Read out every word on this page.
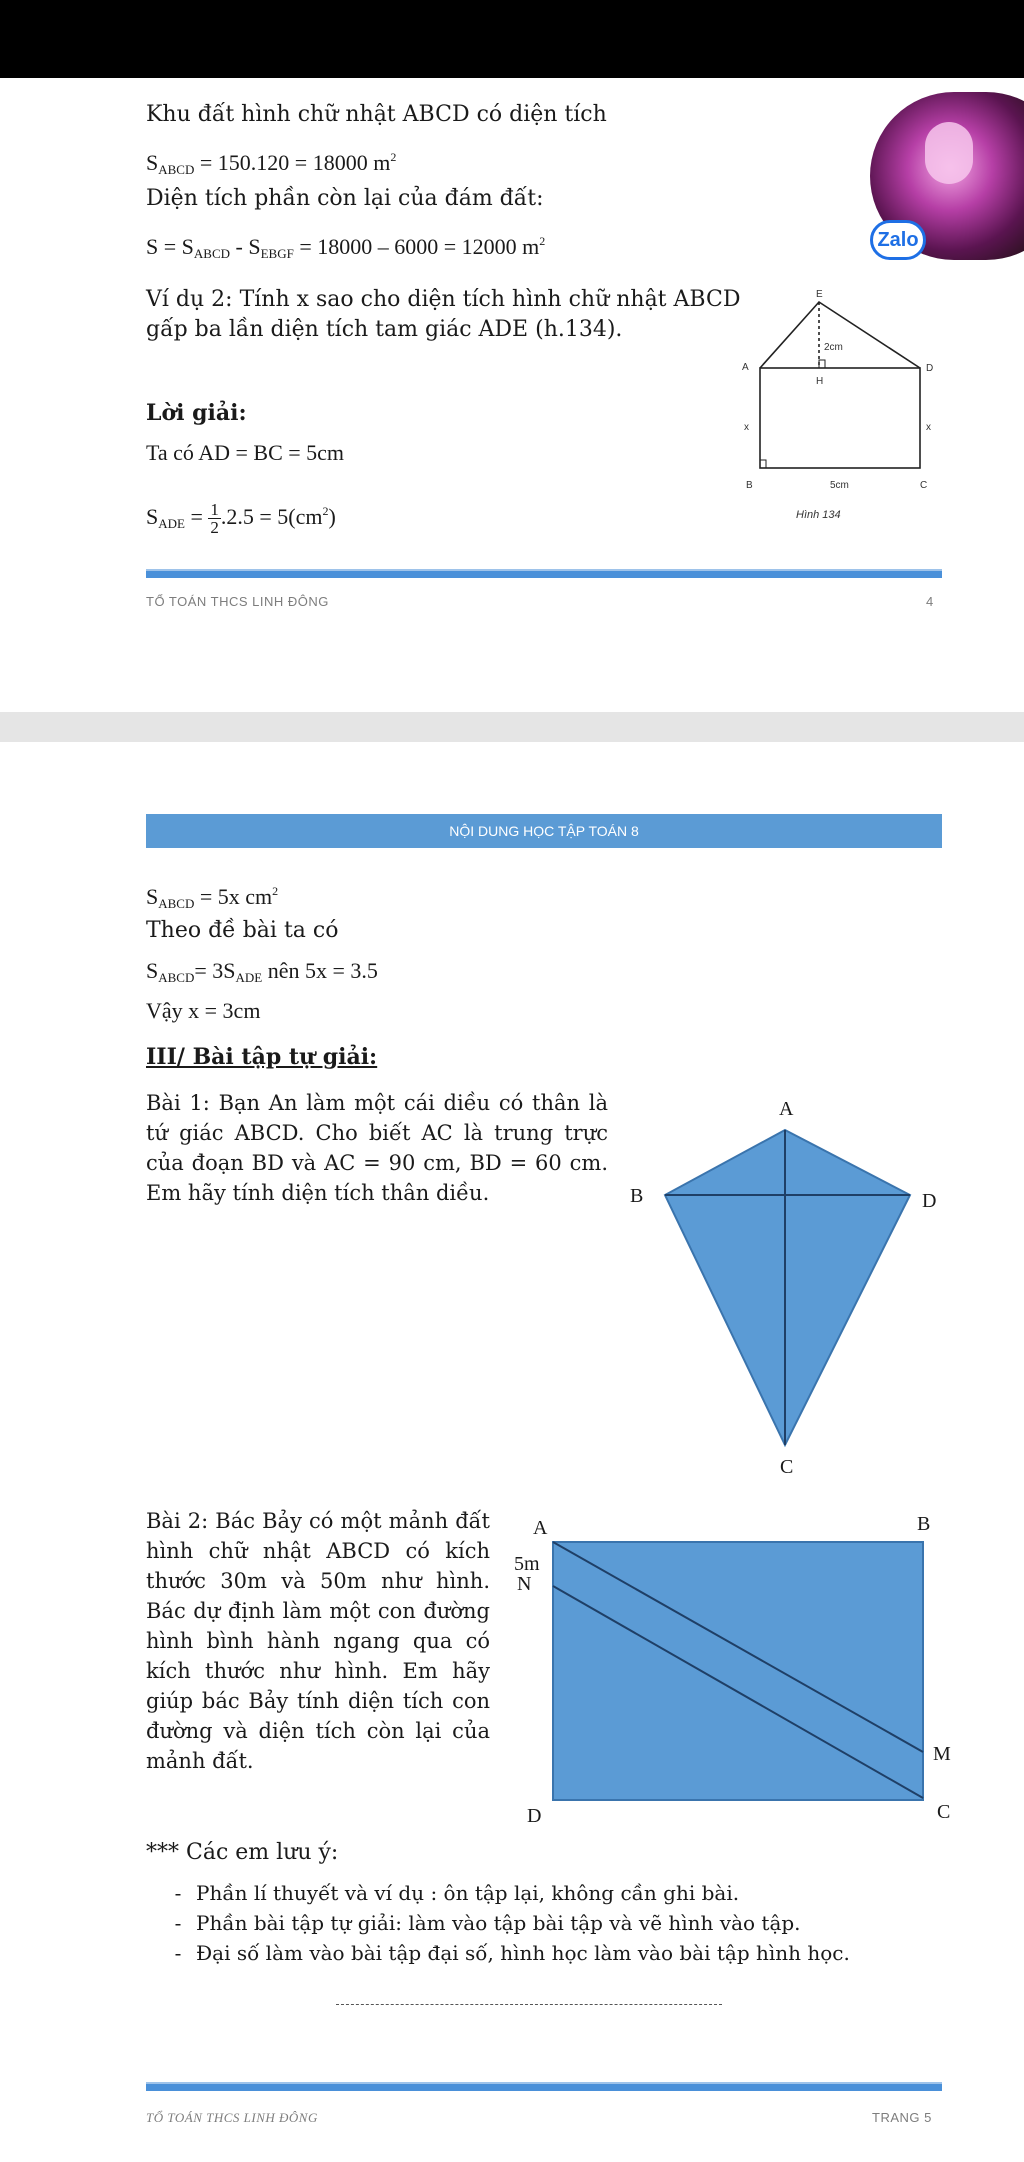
Khu đất hình chữ nhật ABCD có diện tích
$S_{ABCD} = 150.120 = 18000$ $m^2$
Diện tích phần còn lại của đám đất:
$S = S_{ABCD} - S_{EBGF} = 18000 - 6000 = 12000$ $m^2$
Ví dụ 2: Tính x sao cho diện tích hình chữ nhật ABCD
gấp ba lần diện tích tam giác ADE (h.134).
Lời giải:
Ta có AD = BC = 5cm
$S_{ADE} = \frac{1}{2} .2.5 = 5(cm^2)$
E
2cm
A	D
H
x	x
B	5cm	C
Hình 134
Zalo
TỔ TOÁN THCS LINH ĐÔNG	4
NỘI DUNG HỌC TẬP TOÁN 8
$S_{ABCD} = 5x$ $cm^2$
Theo đề bài ta có
$S_{ABCD}= 3S_{ADE}$ nên 5x = 3.5
Vậy x = 3cm
III/ Bài tập tự giải:
Bài 1: Bạn An làm một cái diều có thân là tứ giác ABCD. Cho biết AC là trung trực của đoạn BD và AC = 90 cm, BD = 60 cm. Em hãy tính diện tích thân diều.
A
B
C
D
Bài 2: Bác Bảy có một mảnh đất hình chữ nhật ABCD có kích thước 30m và 50m như hình. Bác dự định làm một con đường hình bình hành ngang qua có kích thước như hình. Em hãy giúp bác Bảy tính diện tích con đường và diện tích còn lại của mảnh đất.
A	B
5m
N
M
D	C
*** Các em lưu ý:
- Phần lí thuyết và ví dụ : ôn tập lại, không cần ghi bài.
- Phần bài tập tự giải: làm vào tập bài tập và vẽ hình vào tập.
- Đại số làm vào bài tập đại số, hình học làm vào bài tập hình học.
TỔ TOÁN THCS LINH ĐÔNG	TRANG 5
